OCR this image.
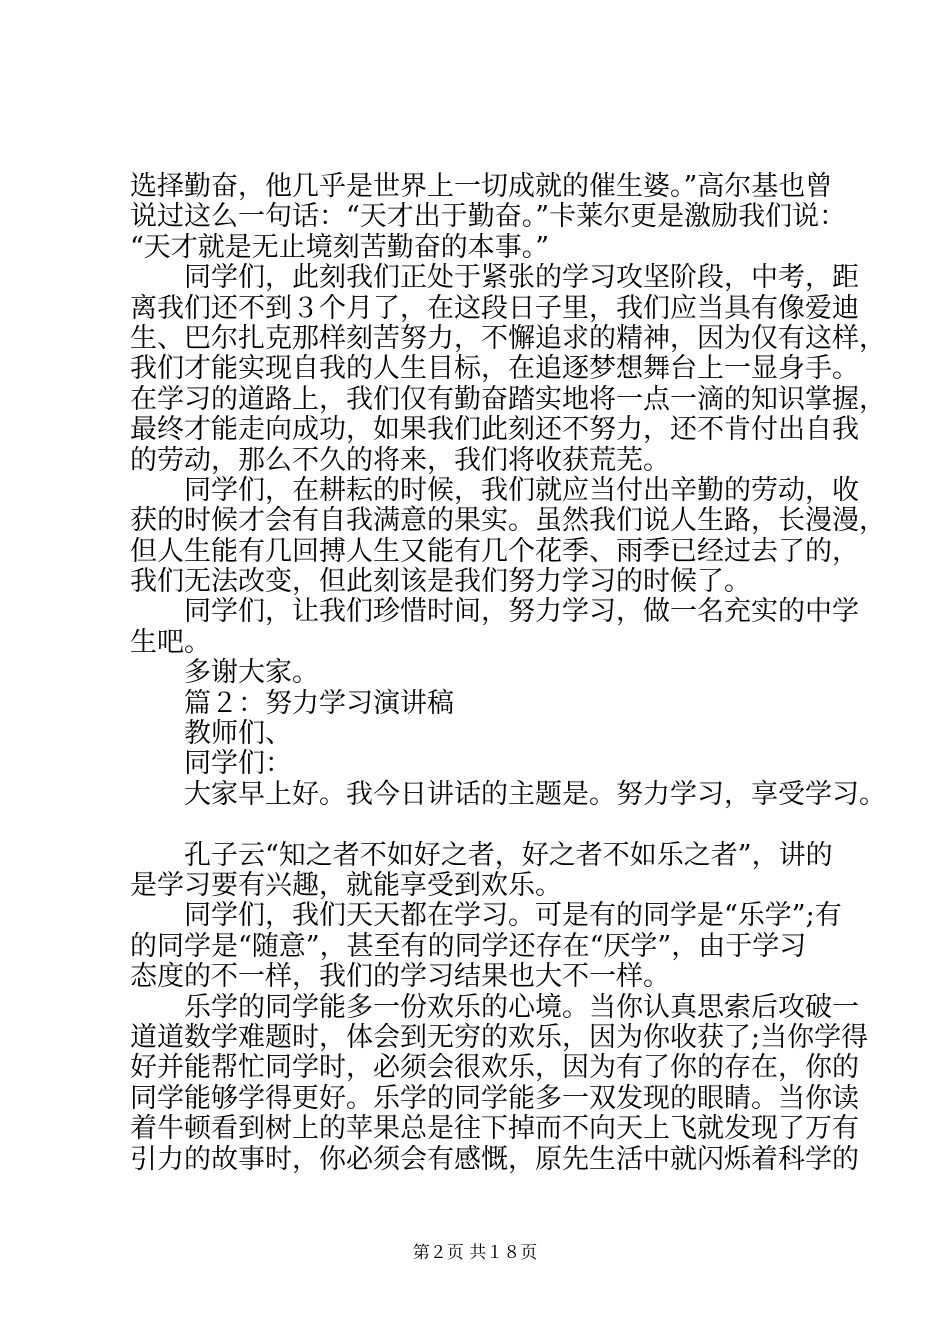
选择勤奋，他几乎是世界上一切成就的催生婆。”高尔基也曾
说过这么一句话：“天才出于勤奋。”卡莱尔更是激励我们说：
“天才就是无止境刻苦勤奋的本事。”
同学们，此刻我们正处于紧张的学习攻坚阶段，中考，距
离我们还不到３个月了，在这段日子里，我们应当具有像爱迪
生、巴尔扎克那样刻苦努力，不懈追求的精神，因为仅有这样，
我们才能实现自我的人生目标，在追逐梦想舞台上一显身手。
在学习的道路上，我们仅有勤奋踏实地将一点一滴的知识掌握，
最终才能走向成功，如果我们此刻还不努力，还不肯付出自我
的劳动，那么不久的将来，我们将收获荒芜。
同学们，在耕耘的时候，我们就应当付出辛勤的劳动，收
获的时候才会有自我满意的果实。虽然我们说人生路，长漫漫，
但人生能有几回搏人生又能有几个花季、雨季已经过去了的，
我们无法改变，但此刻该是我们努力学习的时候了。
同学们，让我们珍惜时间，努力学习，做一名充实的中学
生吧。
多谢大家。
篇２：努力学习演讲稿
教师们、
同学们：
大家早上好。我今日讲话的主题是。努力学习，享受学习。
孔子云“知之者不如好之者，好之者不如乐之者”，讲的
是学习要有兴趣，就能享受到欢乐。
同学们，我们天天都在学习。可是有的同学是“乐学”;有
的同学是“随意”，甚至有的同学还存在“厌学”，由于学习
态度的不一样，我们的学习结果也大不一样。
乐学的同学能多一份欢乐的心境。当你认真思索后攻破一
道道数学难题时，体会到无穷的欢乐，因为你收获了;当你学得
好并能帮忙同学时，必须会很欢乐，因为有了你的存在，你的
同学能够学得更好。乐学的同学能多一双发现的眼睛。当你读
着牛顿看到树上的苹果总是往下掉而不向天上飞就发现了万有
引力的故事时，你必须会有感慨，原先生活中就闪烁着科学的
第２页 共１８页
